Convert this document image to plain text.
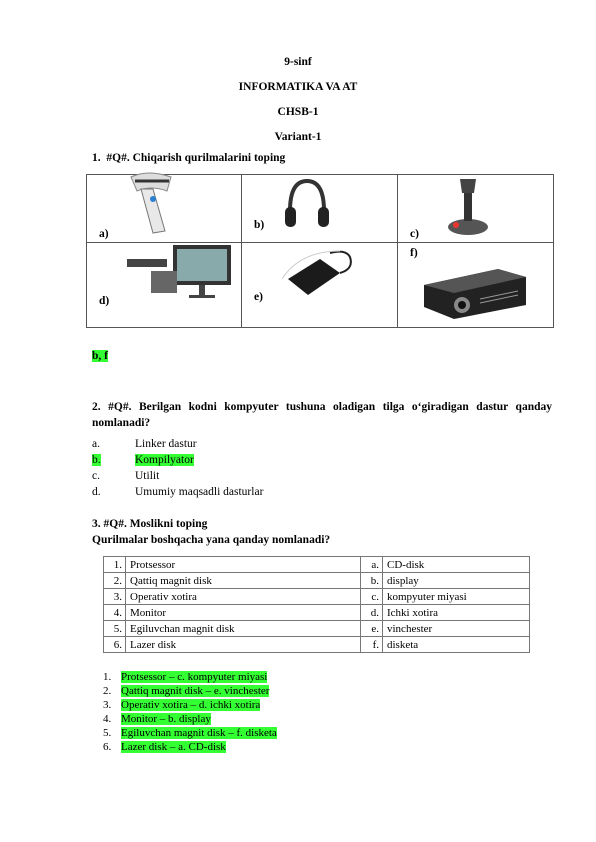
9-sinf
INFORMATIKA VA AT
CHSB-1
Variant-1
1. #Q#. Chiqarish qurilmalarini toping
a)	b)	c)

d)	e)	f)
b, f
2. #Q#. Berilgan kodni kompyuter tushuna oladigan tilga o‘giradigan dastur qanday nomlanadi?
a.	Linker dastur
b.	Kompilyator
c.	Utilit
d.	Umumiy maqsadli dasturlar
3. #Q#. Moslikni toping
Qurilmalar boshqacha yana qanday nomlanadi?
1.	Protsessor	a.	CD-disk
2.	Qattiq magnit disk	b.	display
3.	Operativ xotira	c.	kompyuter miyasi
4.	Monitor	d.	Ichki xotira
5.	Egiluvchan magnit disk	e.	vinchester
6.	Lazer disk	f.	disketa
1. Protsessor – c. kompyuter miyasi
2. Qattiq magnit disk – e. vinchester
3. Operativ xotira – d. ichki xotira
4. Monitor – b. display
5. Egiluvchan magnit disk – f. disketa
6. Lazer disk – a. CD-disk
